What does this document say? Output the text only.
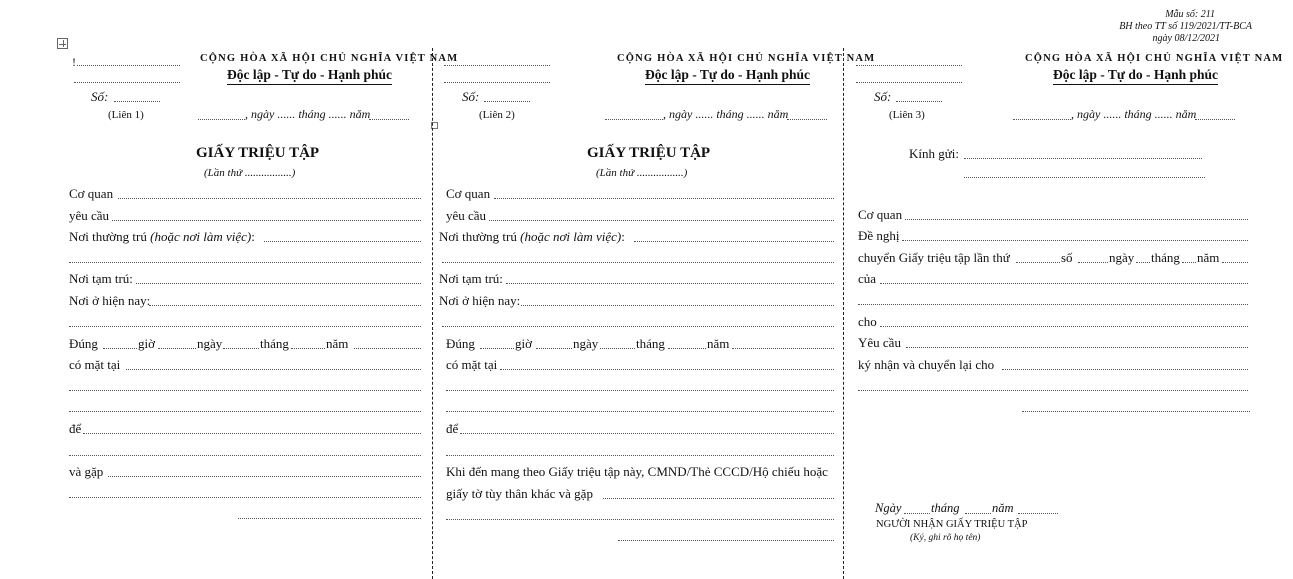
Mẫu số: 211
BH theo TT số 119/2021/TT-BCA
ngày 08/12/2021
!	CỘNG HÒA XÃ HỘI CHỦ NGHĨA VIỆT NAM
Độc lập - Tự do - Hạnh phúc
Số:
(Liên 1)	, ngày ...... tháng ...... năm
GIẤY TRIỆU TẬP
(Lần thứ .................)
Cơ quan
yêu cầu
Nơi thường trú (hoặc nơi làm việc):
Nơi tạm trú:
Nơi ở hiện nay:
Đúng	giờ	ngày	tháng	năm
có mặt tại
để
và gặp
CỘNG HÒA XÃ HỘI CHỦ NGHĨA VIỆT NAM
Độc lập - Tự do - Hạnh phúc
Số:
(Liên 2)	, ngày ...... tháng ...... năm
GIẤY TRIỆU TẬP
(Lần thứ .................)
Cơ quan
yêu cầu
Nơi thường trú (hoặc nơi làm việc):
Nơi tạm trú:
Nơi ở hiện nay:
Đúng	giờ	ngày	tháng	năm
có mặt tại
để
Khi đến mang theo Giấy triệu tập này, CMND/Thẻ CCCD/Hộ chiếu hoặc
giấy tờ tùy thân khác và gặp
CỘNG HÒA XÃ HỘI CHỦ NGHĨA VIỆT NAM
Độc lập - Tự do - Hạnh phúc
Số:
(Liên 3)	, ngày ...... tháng ...... năm
Kính gửi:
Cơ quan
Đề nghị
chuyển Giấy triệu tập lần thứ	số	ngày tháng năm
của
cho
Yêu cầu
ký nhận và chuyển lại cho
Ngày tháng	năm
NGƯỜI NHẬN GIẤY TRIỆU TẬP
(Ký, ghi rõ họ tên)
